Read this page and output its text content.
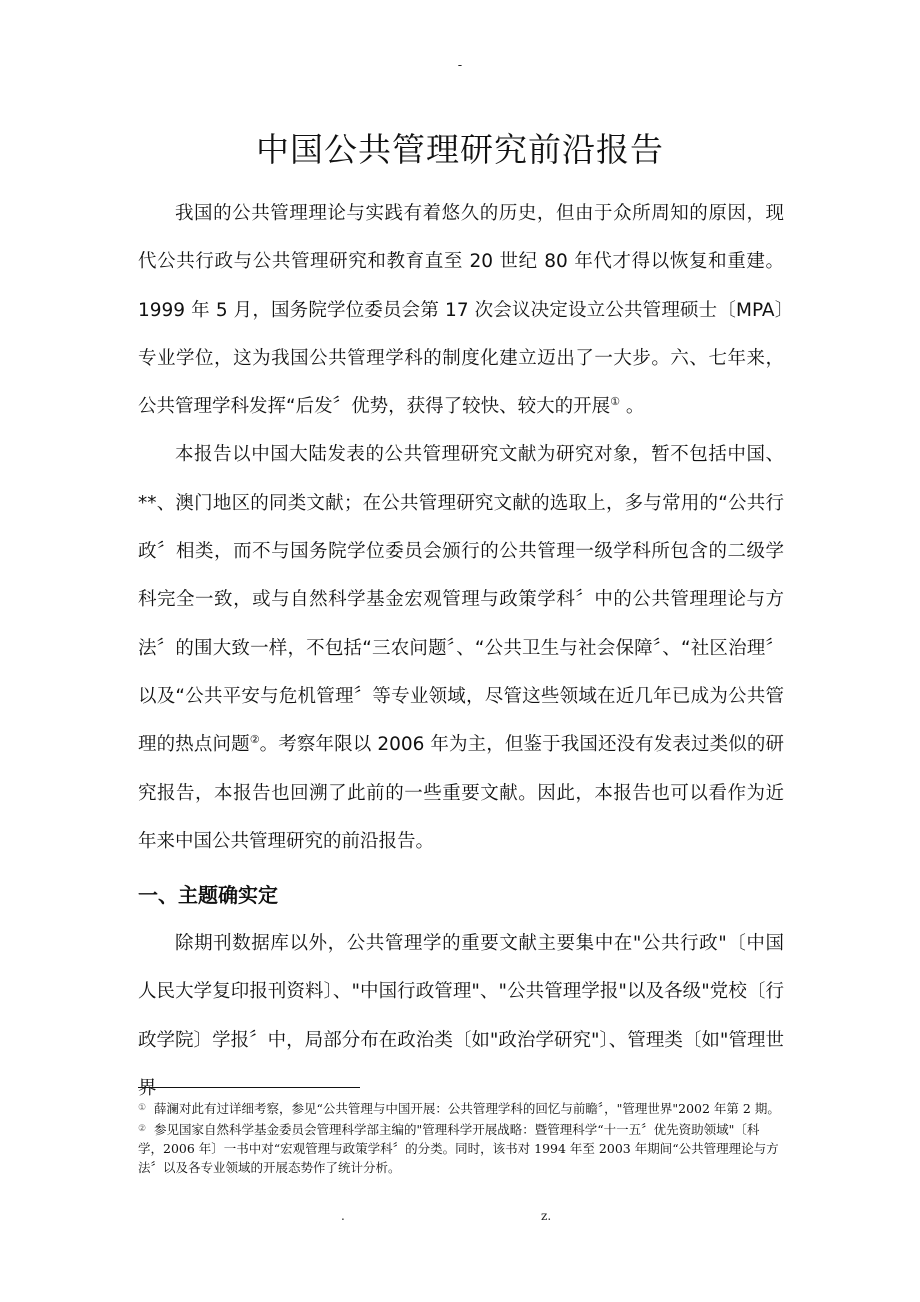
-
中国公共管理研究前沿报告

我国的公共管理理论与实践有着悠久的历史，但由于众所周知的原因，现代公共行政与公共管理研究和教育直至 20 世纪 80 年代才得以恢复和重建。1999 年 5 月，国务院学位委员会第 17 次会议决定设立公共管理硕士〔MPA〕专业学位，这为我国公共管理学科的制度化建立迈出了一大步。六、七年来，公共管理学科发挥“后发〞优势，获得了较快、较大的开展① 。

本报告以中国大陆发表的公共管理研究文献为研究对象，暂不包括中国、**、澳门地区的同类文献；在公共管理研究文献的选取上，多与常用的“公共行政〞相类，而不与国务院学位委员会颁行的公共管理一级学科所包含的二级学科完全一致，或与自然科学基金宏观管理与政策学科〞中的公共管理理论与方法〞的围大致一样，不包括“三农问题〞、“公共卫生与社会保障〞、“社区治理〞以及“公共平安与危机管理〞等专业领域，尽管这些领域在近几年已成为公共管理的热点问题②。考察年限以 2006 年为主，但鉴于我国还没有发表过类似的研究报告，本报告也回溯了此前的一些重要文献。因此，本报告也可以看作为近年来中国公共管理研究的前沿报告。

一、主题确实定

除期刊数据库以外，公共管理学的重要文献主要集中在"公共行政"〔中国人民大学复印报刊资料〕、"中国行政管理"、"公共管理学报"以及各级"党校〔行政学院〕学报〞中，局部分布在政治类〔如"政治学研究"〕、管理类〔如"管理世界

① 薛澜对此有过详细考察，参见“公共管理与中国开展：公共管理学科的回忆与前瞻〞，"管理世界"2002 年第 2 期。

② 参见国家自然科学基金委员会管理科学部主编的"管理科学开展战略：暨管理科学“十一五〞优先资助领域"〔科学，2006 年〕一书中对“宏观管理与政策学科〞的分类。同时，该书对 1994 年至 2003 年期间“公共管理理论与方法〞以及各专业领域的开展态势作了统计分析。

.	z.
